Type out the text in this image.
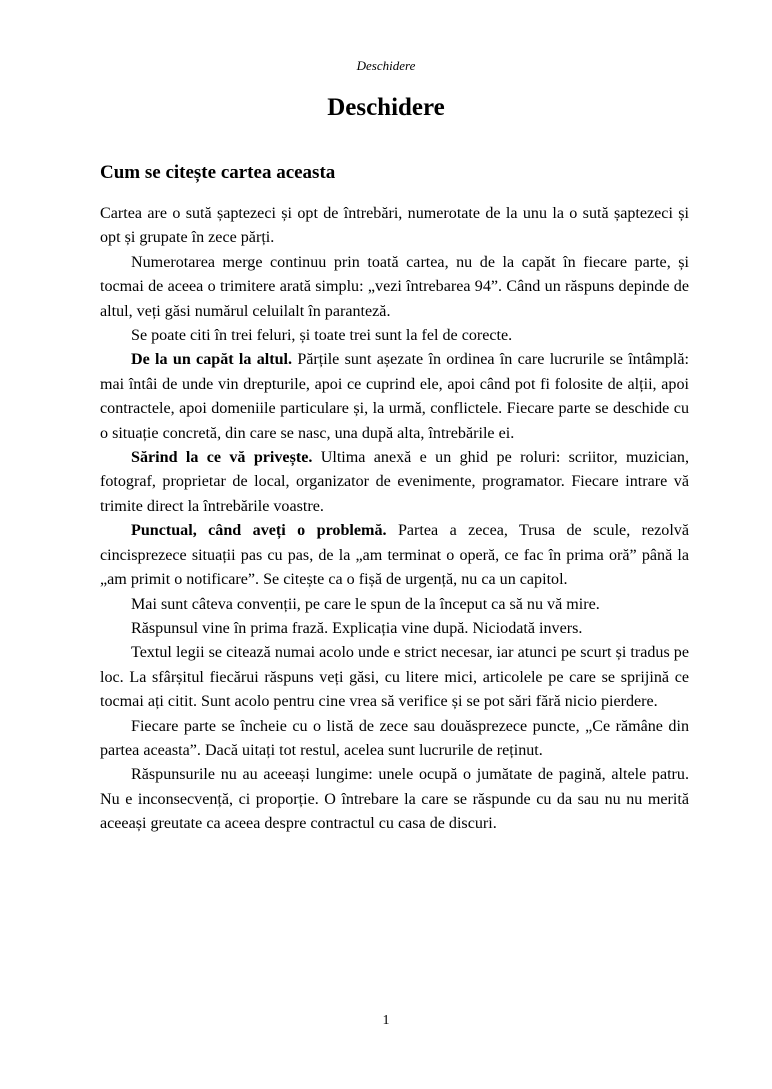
Deschidere
Deschidere
Cum se citește cartea aceasta

Cartea are o sută șaptezeci și opt de întrebări, numerotate de la unu la o sută șaptezeci și opt și grupate în zece părți.

Numerotarea merge continuu prin toată cartea, nu de la capăt în fiecare parte, și tocmai de aceea o trimitere arată simplu: „vezi întrebarea 94”. Când un răspuns depinde de altul, veți găsi numărul celuilalt în paranteză.

Se poate citi în trei feluri, și toate trei sunt la fel de corecte.

De la un capăt la altul. Părțile sunt așezate în ordinea în care lucrurile se întâmplă: mai întâi de unde vin drepturile, apoi ce cuprind ele, apoi când pot fi folosite de alții, apoi contractele, apoi domeniile particulare și, la urmă, conflictele. Fiecare parte se deschide cu o situație concretă, din care se nasc, una după alta, întrebările ei.

Sărind la ce vă privește. Ultima anexă e un ghid pe roluri: scriitor, muzician, fotograf, proprietar de local, organizator de evenimente, programator. Fiecare intrare vă trimite direct la întrebările voastre.

Punctual, când aveți o problemă. Partea a zecea, Trusa de scule, rezolvă cincisprezece situații pas cu pas, de la „am terminat o operă, ce fac în prima oră” până la „am primit o notificare”. Se citește ca o fișă de urgență, nu ca un capitol.

Mai sunt câteva convenții, pe care le spun de la început ca să nu vă mire.

Răspunsul vine în prima frază. Explicația vine după. Niciodată invers.

Textul legii se citează numai acolo unde e strict necesar, iar atunci pe scurt și tradus pe loc. La sfârșitul fiecărui răspuns veți găsi, cu litere mici, articolele pe care se sprijină ce tocmai ați citit. Sunt acolo pentru cine vrea să verifice și se pot sări fără nicio pierdere.

Fiecare parte se încheie cu o listă de zece sau douăsprezece puncte, „Ce rămâne din partea aceasta”. Dacă uitați tot restul, acelea sunt lucrurile de reținut.

Răspunsurile nu au aceeași lungime: unele ocupă o jumătate de pagină, altele patru. Nu e inconsecvență, ci proporție. O întrebare la care se răspunde cu da sau nu nu merită aceeași greutate ca aceea despre contractul cu casa de discuri.

1
